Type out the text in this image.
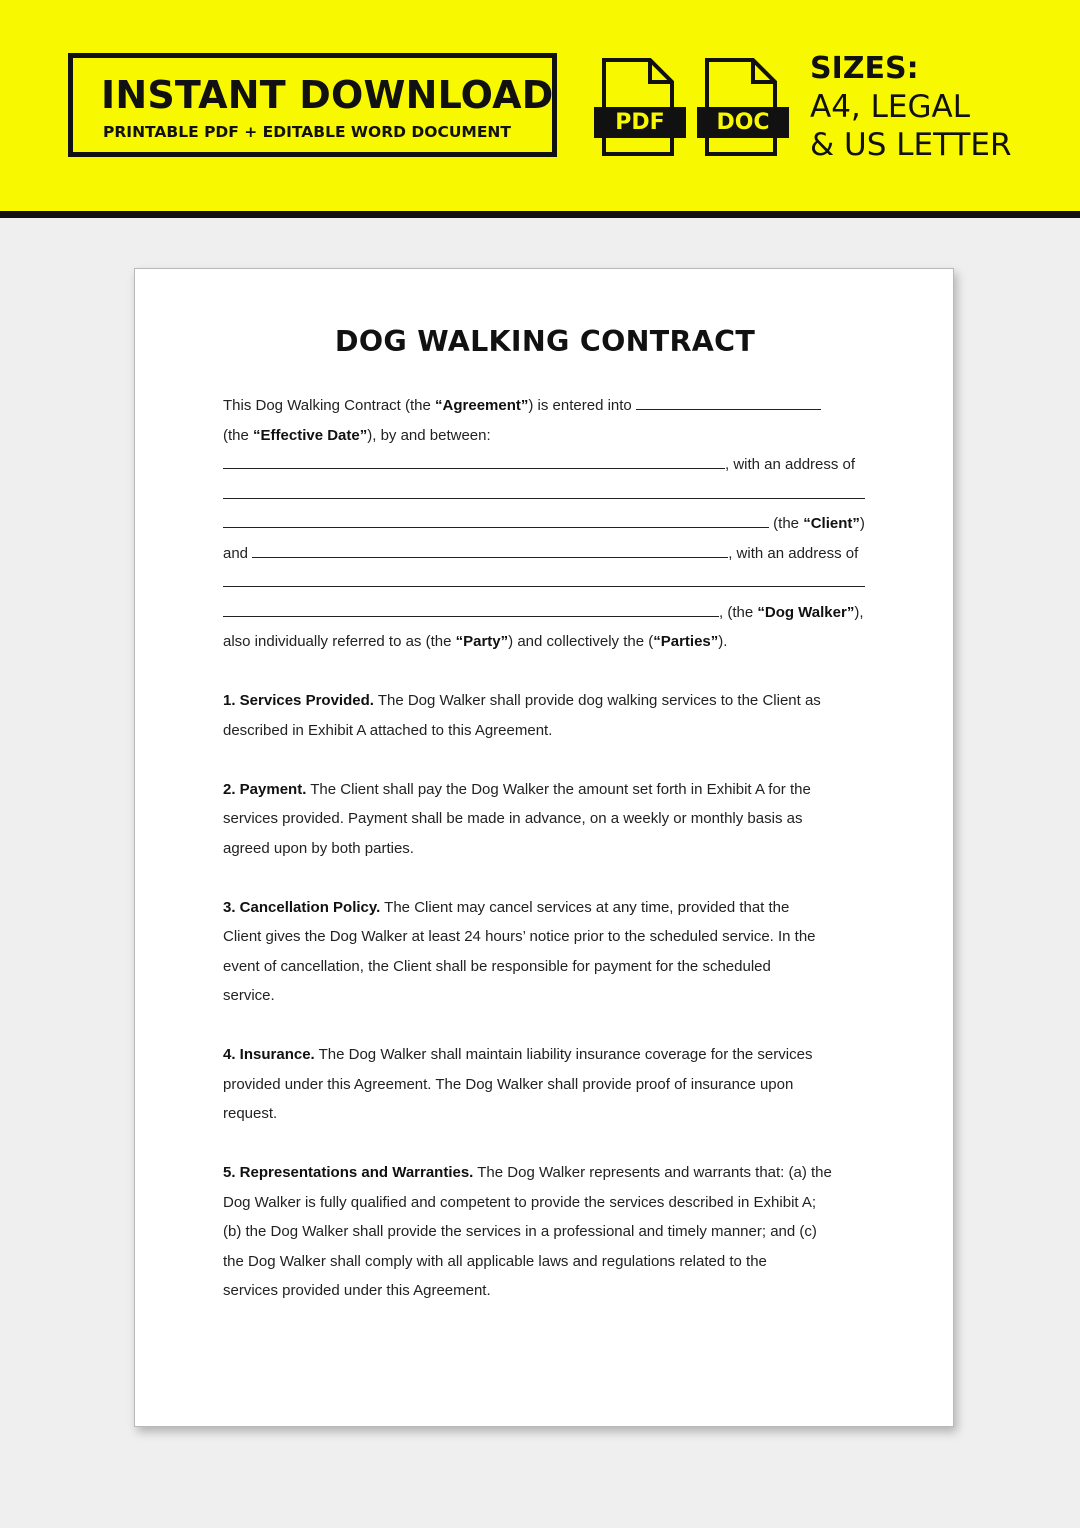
INSTANT DOWNLOAD
PRINTABLE PDF + EDITABLE WORD DOCUMENT	PDF	DOC
SIZES:
A4, LEGAL
& US LETTER
DOG WALKING CONTRACT
This Dog Walking Contract (the “Agreement”) is entered into
(the “Effective Date”), by and between:
, with an address of
(the “Client”)
and	, with an address of
, (the “Dog Walker”),
also individually referred to as (the “Party”) and collectively the (“Parties”).
1. Services Provided. The Dog Walker shall provide dog walking services to the Client as
described in Exhibit A attached to this Agreement.
2. Payment. The Client shall pay the Dog Walker the amount set forth in Exhibit A for the
services provided. Payment shall be made in advance, on a weekly or monthly basis as
agreed upon by both parties.
3. Cancellation Policy. The Client may cancel services at any time, provided that the
Client gives the Dog Walker at least 24 hours’ notice prior to the scheduled service. In the
event of cancellation, the Client shall be responsible for payment for the scheduled
service.
4. Insurance. The Dog Walker shall maintain liability insurance coverage for the services
provided under this Agreement. The Dog Walker shall provide proof of insurance upon
request.
5. Representations and Warranties. The Dog Walker represents and warrants that: (a) the
Dog Walker is fully qualified and competent to provide the services described in Exhibit A;
(b) the Dog Walker shall provide the services in a professional and timely manner; and (c)
the Dog Walker shall comply with all applicable laws and regulations related to the
services provided under this Agreement.
